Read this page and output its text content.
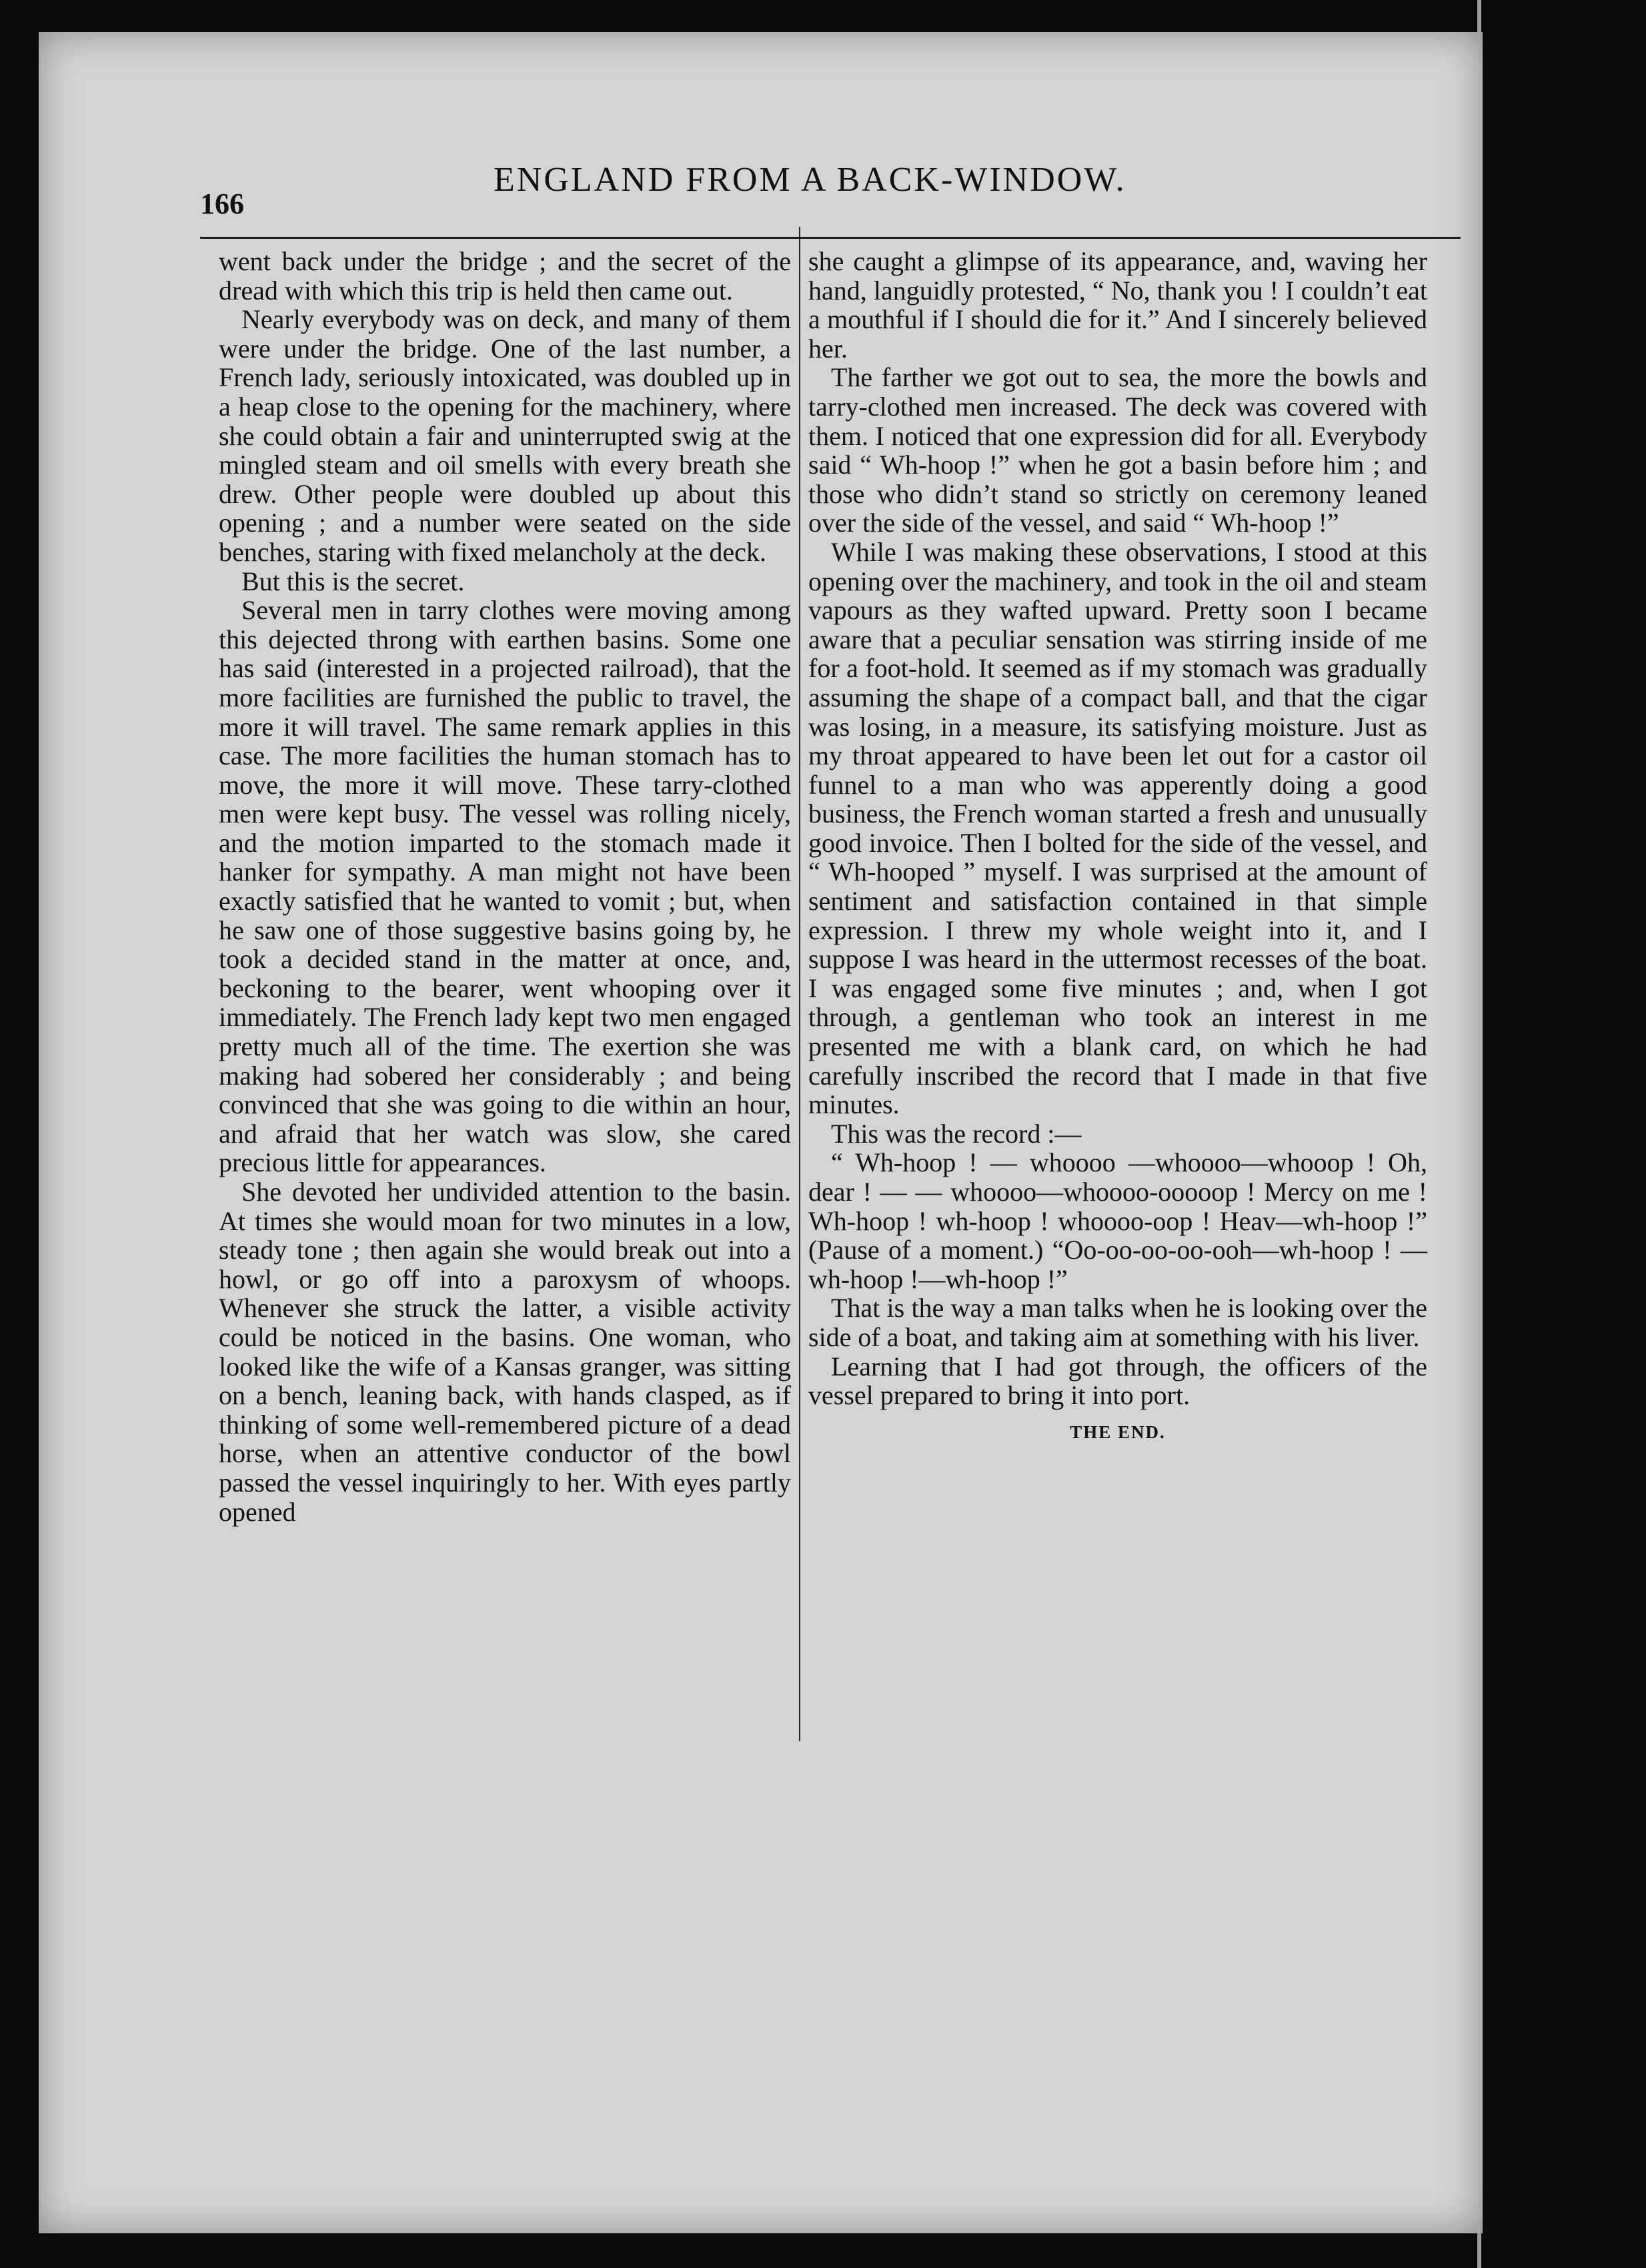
166
ENGLAND FROM A BACK-WINDOW.

went back under the bridge ; and the secret of the dread with which this trip is held then came out.

Nearly everybody was on deck, and many of them were under the bridge. One of the last number, a French lady, seriously intoxicated, was doubled up in a heap close to the opening for the machinery, where she could obtain a fair and uninterrupted swig at the mingled steam and oil smells with every breath she drew. Other people were doubled up about this opening ; and a number were seated on the side benches, staring with fixed melancholy at the deck.

But this is the secret.

Several men in tarry clothes were moving among this dejected throng with earthen basins. Some one has said (interested in a projected railroad), that the more facilities are furnished the public to travel, the more it will travel. The same remark applies in this case. The more facilities the human stomach has to move, the more it will move. These tarry-clothed men were kept busy. The vessel was rolling nicely, and the motion imparted to the stomach made it hanker for sympathy. A man might not have been exactly satisfied that he wanted to vomit ; but, when he saw one of those suggestive basins going by, he took a decided stand in the matter at once, and, beckoning to the bearer, went whooping over it immediately. The French lady kept two men engaged pretty much all of the time. The exertion she was making had sobered her considerably ; and being convinced that she was going to die within an hour, and afraid that her watch was slow, she cared precious little for appearances.

She devoted her undivided attention to the basin. At times she would moan for two minutes in a low, steady tone ; then again she would break out into a howl, or go off into a paroxysm of whoops. Whenever she struck the latter, a visible activity could be noticed in the basins. One woman, who looked like the wife of a Kansas granger, was sitting on a bench, leaning back, with hands clasped, as if thinking of some well-remembered picture of a dead horse, when an attentive conductor of the bowl passed the vessel inquiringly to her. With eyes partly opened

she caught a glimpse of its appearance, and, waving her hand, languidly protested, “ No, thank you ! I couldn’t eat a mouthful if I should die for it.” And I sincerely believed her.

The farther we got out to sea, the more the bowls and tarry-clothed men increased. The deck was covered with them. I noticed that one expression did for all. Everybody said “ Wh-hoop !” when he got a basin before him ; and those who didn’t stand so strictly on ceremony leaned over the side of the vessel, and said “ Wh-hoop !”

While I was making these observations, I stood at this opening over the machinery, and took in the oil and steam vapours as they wafted upward. Pretty soon I became aware that a peculiar sensation was stirring inside of me for a foot-hold. It seemed as if my stomach was gradually assuming the shape of a compact ball, and that the cigar was losing, in a measure, its satisfying moisture. Just as my throat appeared to have been let out for a castor oil funnel to a man who was apperently doing a good business, the French woman started a fresh and unusually good invoice. Then I bolted for the side of the vessel, and “ Wh-hooped ” myself. I was surprised at the amount of sentiment and satisfaction contained in that simple expression. I threw my whole weight into it, and I suppose I was heard in the uttermost recesses of the boat. I was engaged some five minutes ; and, when I got through, a gentleman who took an interest in me presented me with a blank card, on which he had carefully inscribed the record that I made in that five minutes.

This was the record :—

“ Wh-hoop ! — whoooo —whoooo—whooop ! Oh, dear ! — — whoooo—whoooo-ooooop ! Mercy on me ! Wh-hoop ! wh-hoop ! whoooo-oop ! Heav—wh-hoop !” (Pause of a moment.) “Oo-oo-oo-oo-ooh—wh-hoop ! —wh-hoop !—wh-hoop !”

That is the way a man talks when he is looking over the side of a boat, and taking aim at something with his liver.

Learning that I had got through, the officers of the vessel prepared to bring it into port.

THE END.
